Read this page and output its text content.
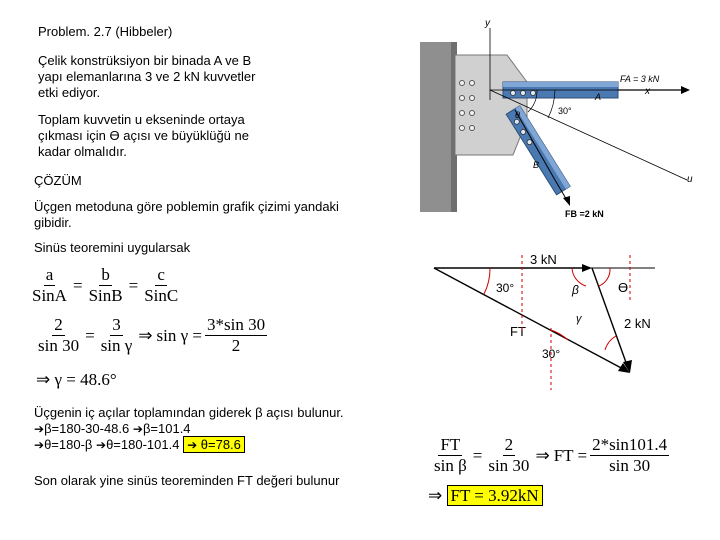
Problem. 2.7 (Hibbeler)
Çelik konstrüksiyon bir binada A ve B
yapı elemanlarına 3 ve 2 kN kuvvetler
etki ediyor.
Toplam kuvvetin u ekseninde ortaya
çıkması için Ө açısı ve büyüklüğü ne
kadar olmalıdır.
ÇÖZÜM
Üçgen metoduna göre poblemin grafik çizimi yandaki
gibidir.
Sinüs teoremini uygularsak
$\frac{a}{\text{SinA}} = \frac{b}{\text{SinB}} = \frac{c}{\text{SinC}}$
$\frac{2}{\sin 30} = \frac{3}{\text{sin γ}}$ ⇒ $\sin \gamma = \frac{3*\sin 30}{2}$
⇒ γ = 48.6°
Üçgenin iç açılar toplamından giderek β açısı bulunur.
➔β=180-30-48.6 ➔β=101.4
➔θ=180-β ➔θ=180-101.4 ➔ θ=78.6
Son olarak yine sinüs teoreminden FT değeri bulunur
$\frac{FT}{\text{sin β}} = \frac{2}{\sin 30}$ ⇒ FT = $\frac{2*\sin 101.4}{\sin 30}$
⇒ FT = 3.92kN
y
x
FA = 3 kN
A
B
FB =2 kN
u
θ	30°
3 kN
2 kN
FT
30°	β	Ө
γ
30°
